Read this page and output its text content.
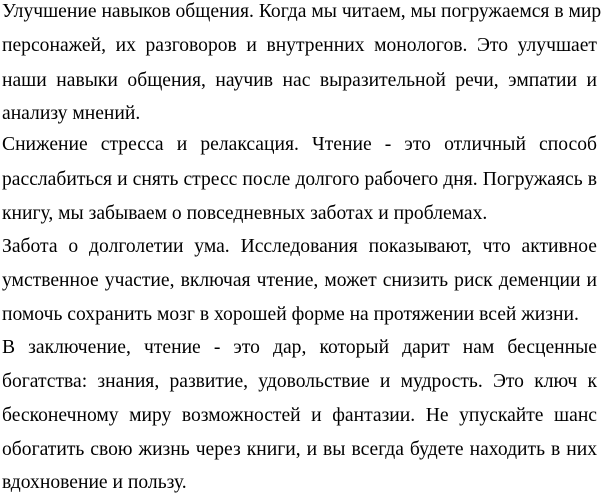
Улучшение навыков общения. Когда мы читаем, мы погружаемся в мир
персонажей, их разговоров и внутренних монологов. Это улучшает
наши навыки общения, научив нас выразительной речи, эмпатии и
анализу мнений.
Снижение стресса и релаксация. Чтение - это отличный способ
расслабиться и снять стресс после долгого рабочего дня. Погружаясь в
книгу, мы забываем о повседневных заботах и проблемах.
Забота о долголетии ума. Исследования показывают, что активное
умственное участие, включая чтение, может снизить риск деменции и
помочь сохранить мозг в хорошей форме на протяжении всей жизни.
В заключение, чтение - это дар, который дарит нам бесценные
богатства: знания, развитие, удовольствие и мудрость. Это ключ к
бесконечному миру возможностей и фантазии. Не упускайте шанс
обогатить свою жизнь через книги, и вы всегда будете находить в них
вдохновение и пользу.
